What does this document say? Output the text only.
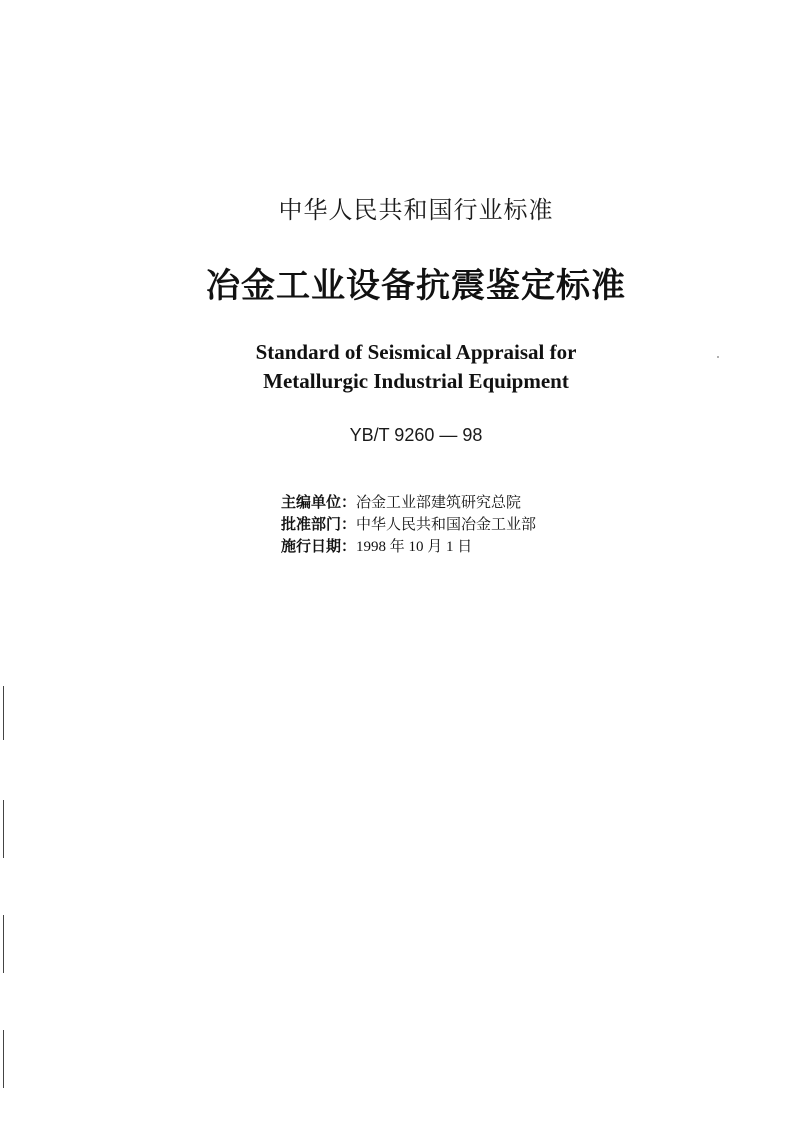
中华人民共和国行业标准
冶金工业设备抗震鉴定标准
Standard of Seismical Appraisal for
Metallurgic Industrial Equipment
YB/T 9260 — 98
主编单位：冶金工业部建筑研究总院
批准部门：中华人民共和国冶金工业部
施行日期：1998 年 10 月 1 日
